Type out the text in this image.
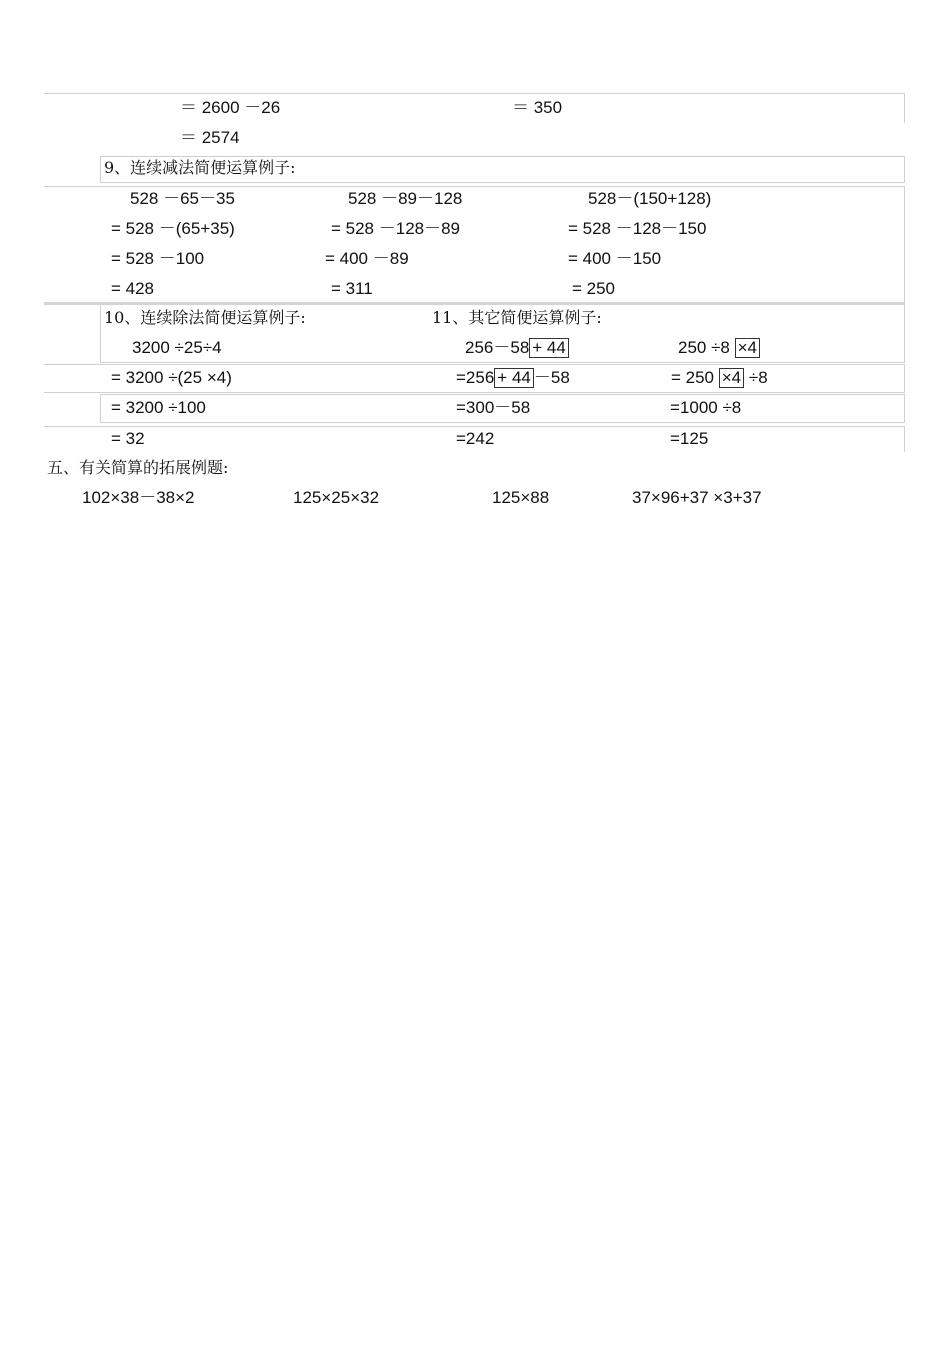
＝ 2600 －26	＝ 350
＝ 2574
9、连续减法简便运算例子:
528 －65－35
= 528 －(65+35)
= 528 －100
= 428
528 －89－128
= 528 －128－89
= 400 －89
= 311
528－(150+128)
= 528 －128－150
= 400 －150
= 250
10、连续除法简便运算例子:
3200 ÷25÷4
= 3200 ÷(25 ×4)
= 3200 ÷100
= 32
11、其它简便运算例子:
256－58 + 44
=256 + 44 －58
=300－58
=242
250 ÷8 ×4
= 250 ×4 ÷8
=1000 ÷8
=125
五、有关简算的拓展例题:
102×38－38×2	125×25×32	125×88	37×96+37 ×3+37
